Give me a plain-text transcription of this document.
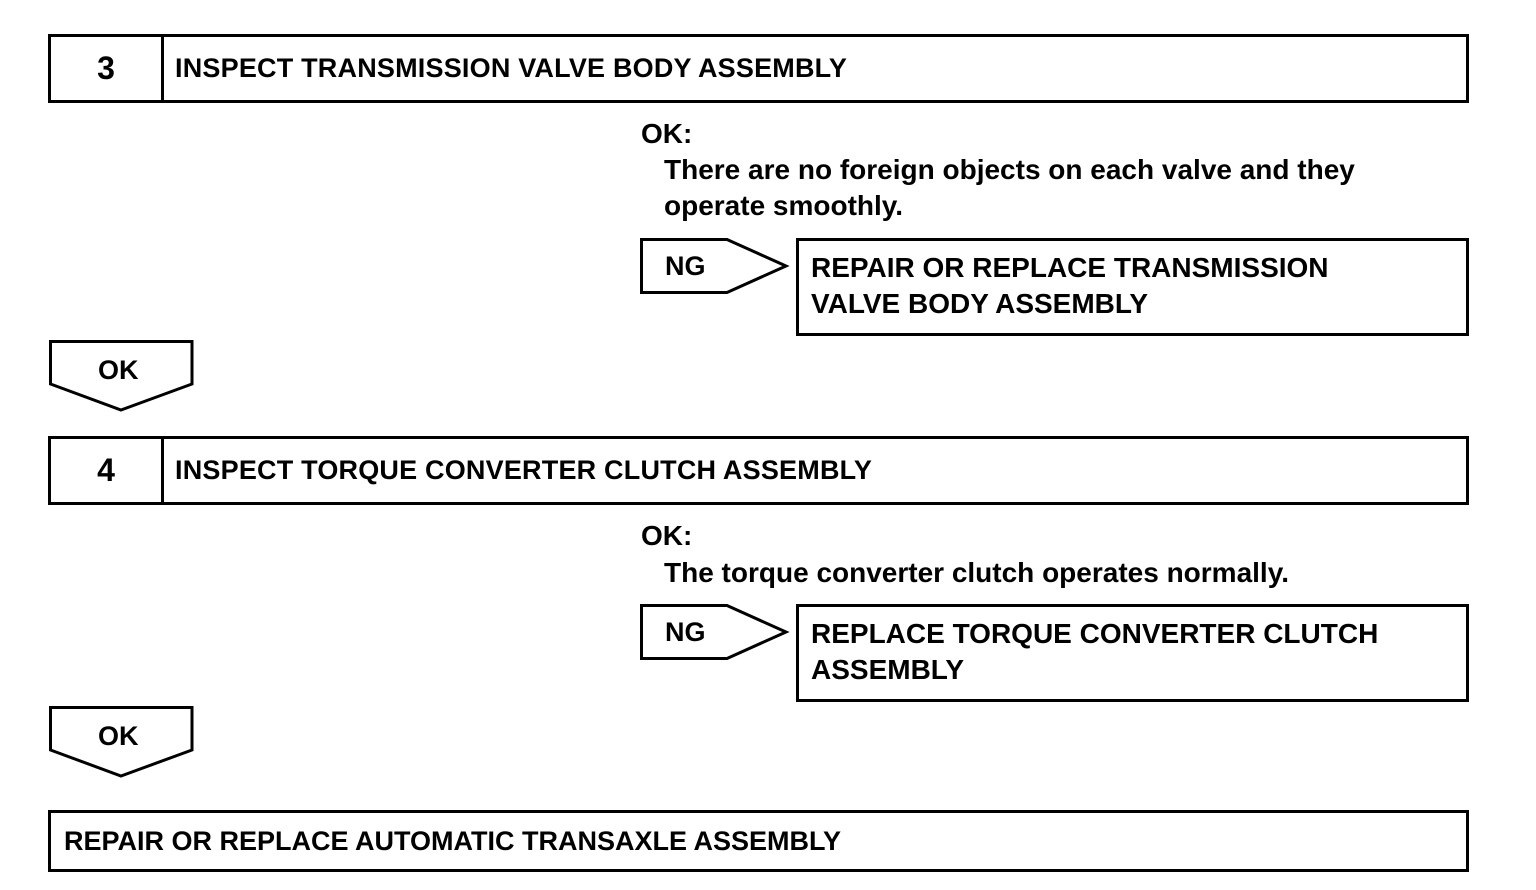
3	INSPECT TRANSMISSION VALVE BODY ASSEMBLY
OK:
There are no foreign objects on each valve and they
operate smoothly.
NG	REPAIR OR REPLACE TRANSMISSION
VALVE BODY ASSEMBLY
OK
4	INSPECT TORQUE CONVERTER CLUTCH ASSEMBLY
OK:
The torque converter clutch operates normally.
NG	REPLACE TORQUE CONVERTER CLUTCH
ASSEMBLY
OK
REPAIR OR REPLACE AUTOMATIC TRANSAXLE ASSEMBLY
